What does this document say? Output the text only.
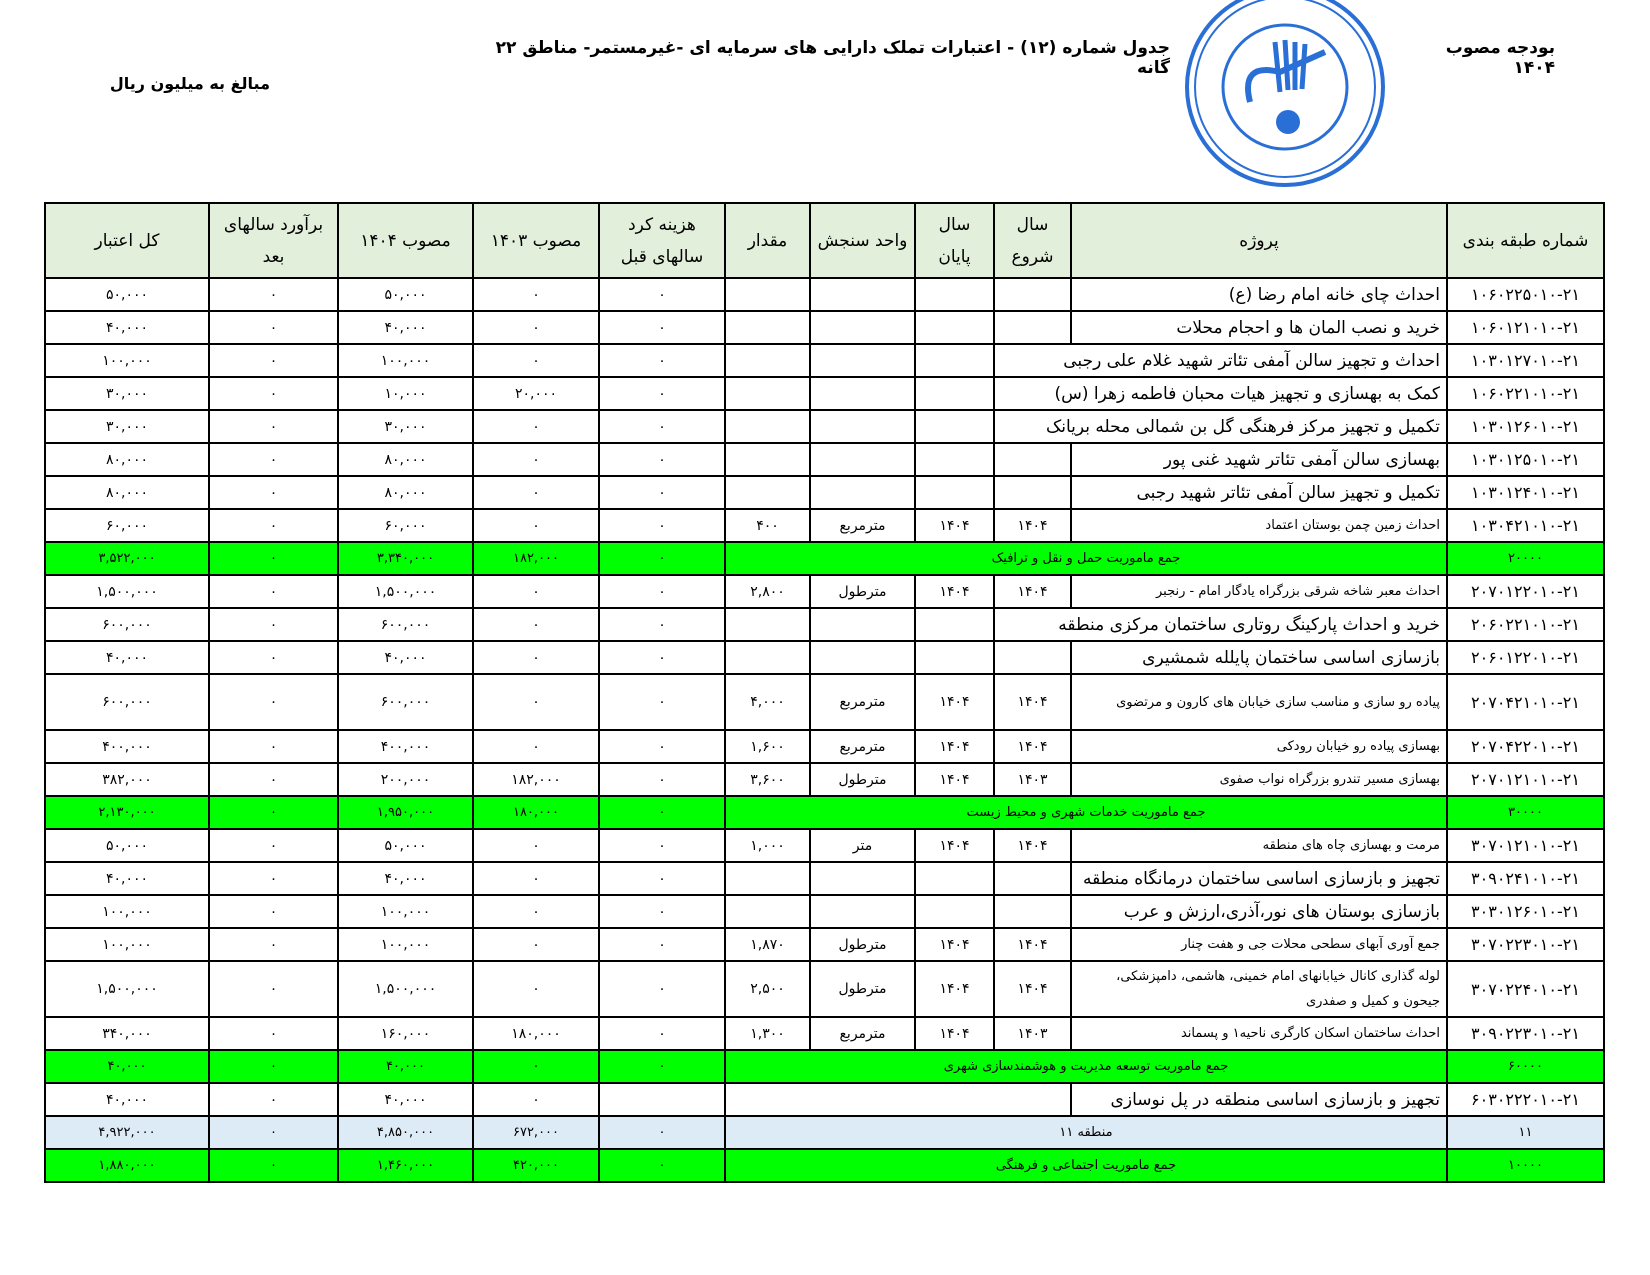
بودجه مصوب ۱۴۰۴
جدول شماره (۱۲) - اعتبارات تملک دارایی های سرمایه ای -غیرمستمر- مناطق ۲۲ گانه
مبالغ به میلیون ریال
شماره طبقه بندی	پروژه	سال شروع	سال پایان	واحد سنجش	مقدار	هزینه کرد سالهای قبل	مصوب ۱۴۰۳	مصوب ۱۴۰۴	برآورد سالهای بعد	کل اعتبار
۱۰۶۰۲۲۵۰۱۰-۲۱	احداث چای خانه امام رضا (ع)					۰	۰	۵۰,۰۰۰	۰	۵۰,۰۰۰
۱۰۶۰۱۲۱۰۱۰-۲۱	خرید و نصب المان ها و احجام محلات					۰	۰	۴۰,۰۰۰	۰	۴۰,۰۰۰
۱۰۳۰۱۲۷۰۱۰-۲۱	احداث و تجهیز سالن آمفی تئاتر شهید غلام علی رجبی					۰	۰	۱۰۰,۰۰۰	۰	۱۰۰,۰۰۰
۱۰۶۰۲۲۱۰۱۰-۲۱	کمک به بهسازی و تجهیز هیات محبان فاطمه زهرا (س)					۰	۲۰,۰۰۰	۱۰,۰۰۰	۰	۳۰,۰۰۰
۱۰۳۰۱۲۶۰۱۰-۲۱	تکمیل و تجهیز مرکز فرهنگی گل بن شمالی محله بریانک					۰	۰	۳۰,۰۰۰	۰	۳۰,۰۰۰
۱۰۳۰۱۲۵۰۱۰-۲۱	بهسازی سالن آمفی تئاتر شهید غنی پور					۰	۰	۸۰,۰۰۰	۰	۸۰,۰۰۰
۱۰۳۰۱۲۴۰۱۰-۲۱	تکمیل و تجهیز سالن آمفی تئاتر شهید رجبی					۰	۰	۸۰,۰۰۰	۰	۸۰,۰۰۰
۱۰۳۰۴۲۱۰۱۰-۲۱	احداث زمین چمن بوستان اعتماد	۱۴۰۴	۱۴۰۴	مترمربع	۴۰۰	۰	۰	۶۰,۰۰۰	۰	۶۰,۰۰۰
۲۰۰۰۰	جمع ماموریت حمل و نقل و ترافیک					۰	۱۸۲,۰۰۰	۳,۳۴۰,۰۰۰	۰	۳,۵۲۲,۰۰۰
۲۰۷۰۱۲۲۰۱۰-۲۱	احداث معبر شاخه شرقی بزرگراه یادگار امام - رنجبر	۱۴۰۴	۱۴۰۴	مترطول	۲,۸۰۰	۰	۰	۱,۵۰۰,۰۰۰	۰	۱,۵۰۰,۰۰۰
۲۰۶۰۲۲۱۰۱۰-۲۱	خرید و احداث پارکینگ روتاری ساختمان مرکزی منطقه					۰	۰	۶۰۰,۰۰۰	۰	۶۰۰,۰۰۰
۲۰۶۰۱۲۲۰۱۰-۲۱	بازسازی اساسی ساختمان پایلله شمشیری					۰	۰	۴۰,۰۰۰	۰	۴۰,۰۰۰
۲۰۷۰۴۲۱۰۱۰-۲۱	پیاده رو سازی و مناسب سازی خیابان های کارون و مرتضوی	۱۴۰۴	۱۴۰۴	مترمربع	۴,۰۰۰	۰	۰	۶۰۰,۰۰۰	۰	۶۰۰,۰۰۰
۲۰۷۰۴۲۲۰۱۰-۲۱	بهسازی پیاده رو خیابان رودکی	۱۴۰۴	۱۴۰۴	مترمربع	۱,۶۰۰	۰	۰	۴۰۰,۰۰۰	۰	۴۰۰,۰۰۰
۲۰۷۰۱۲۱۰۱۰-۲۱	بهسازی مسیر تندرو بزرگراه نواب صفوی	۱۴۰۳	۱۴۰۴	مترطول	۳,۶۰۰	۰	۱۸۲,۰۰۰	۲۰۰,۰۰۰	۰	۳۸۲,۰۰۰
۳۰۰۰۰	جمع ماموریت خدمات شهری و محیط زیست					۰	۱۸۰,۰۰۰	۱,۹۵۰,۰۰۰	۰	۲,۱۳۰,۰۰۰
۳۰۷۰۱۲۱۰۱۰-۲۱	مرمت و بهسازی چاه های منطقه	۱۴۰۴	۱۴۰۴	متر	۱,۰۰۰	۰	۰	۵۰,۰۰۰	۰	۵۰,۰۰۰
۳۰۹۰۲۴۱۰۱۰-۲۱	تجهیز و بازسازی اساسی ساختمان درمانگاه منطقه					۰	۰	۴۰,۰۰۰	۰	۴۰,۰۰۰
۳۰۳۰۱۲۶۰۱۰-۲۱	بازسازی بوستان های نور،آذری،ارزش و عرب					۰	۰	۱۰۰,۰۰۰	۰	۱۰۰,۰۰۰
۳۰۷۰۲۲۳۰۱۰-۲۱	جمع آوری آبهای سطحی محلات جی و هفت چنار	۱۴۰۴	۱۴۰۴	مترطول	۱,۸۷۰	۰	۰	۱۰۰,۰۰۰	۰	۱۰۰,۰۰۰
۳۰۷۰۲۲۴۰۱۰-۲۱	لوله گذاری کانال خیابانهای امام خمینی، هاشمی، دامپزشکی، جیحون و کمیل و صفدری	۱۴۰۴	۱۴۰۴	مترطول	۲,۵۰۰	۰	۰	۱,۵۰۰,۰۰۰	۰	۱,۵۰۰,۰۰۰
۳۰۹۰۲۲۳۰۱۰-۲۱	احداث ساختمان اسکان کارگری ناحیه۱ و پسماند	۱۴۰۳	۱۴۰۴	مترمربع	۱,۳۰۰	۰	۱۸۰,۰۰۰	۱۶۰,۰۰۰	۰	۳۴۰,۰۰۰
۶۰۰۰۰	جمع ماموریت توسعه مدیریت و هوشمندسازی شهری					۰	۰	۴۰,۰۰۰	۰	۴۰,۰۰۰
۶۰۳۰۲۲۲۰۱۰-۲۱	تجهیز و بازسازی اساسی منطقه در پل نوسازی						۰	۴۰,۰۰۰	۰	۴۰,۰۰۰
۱۱	منطقه ۱۱					۰	۶۷۲,۰۰۰	۴,۸۵۰,۰۰۰	۰	۴,۹۲۲,۰۰۰
۱۰۰۰۰	جمع ماموریت اجتماعی و فرهنگی					۰	۴۲۰,۰۰۰	۱,۴۶۰,۰۰۰	۰	۱,۸۸۰,۰۰۰
